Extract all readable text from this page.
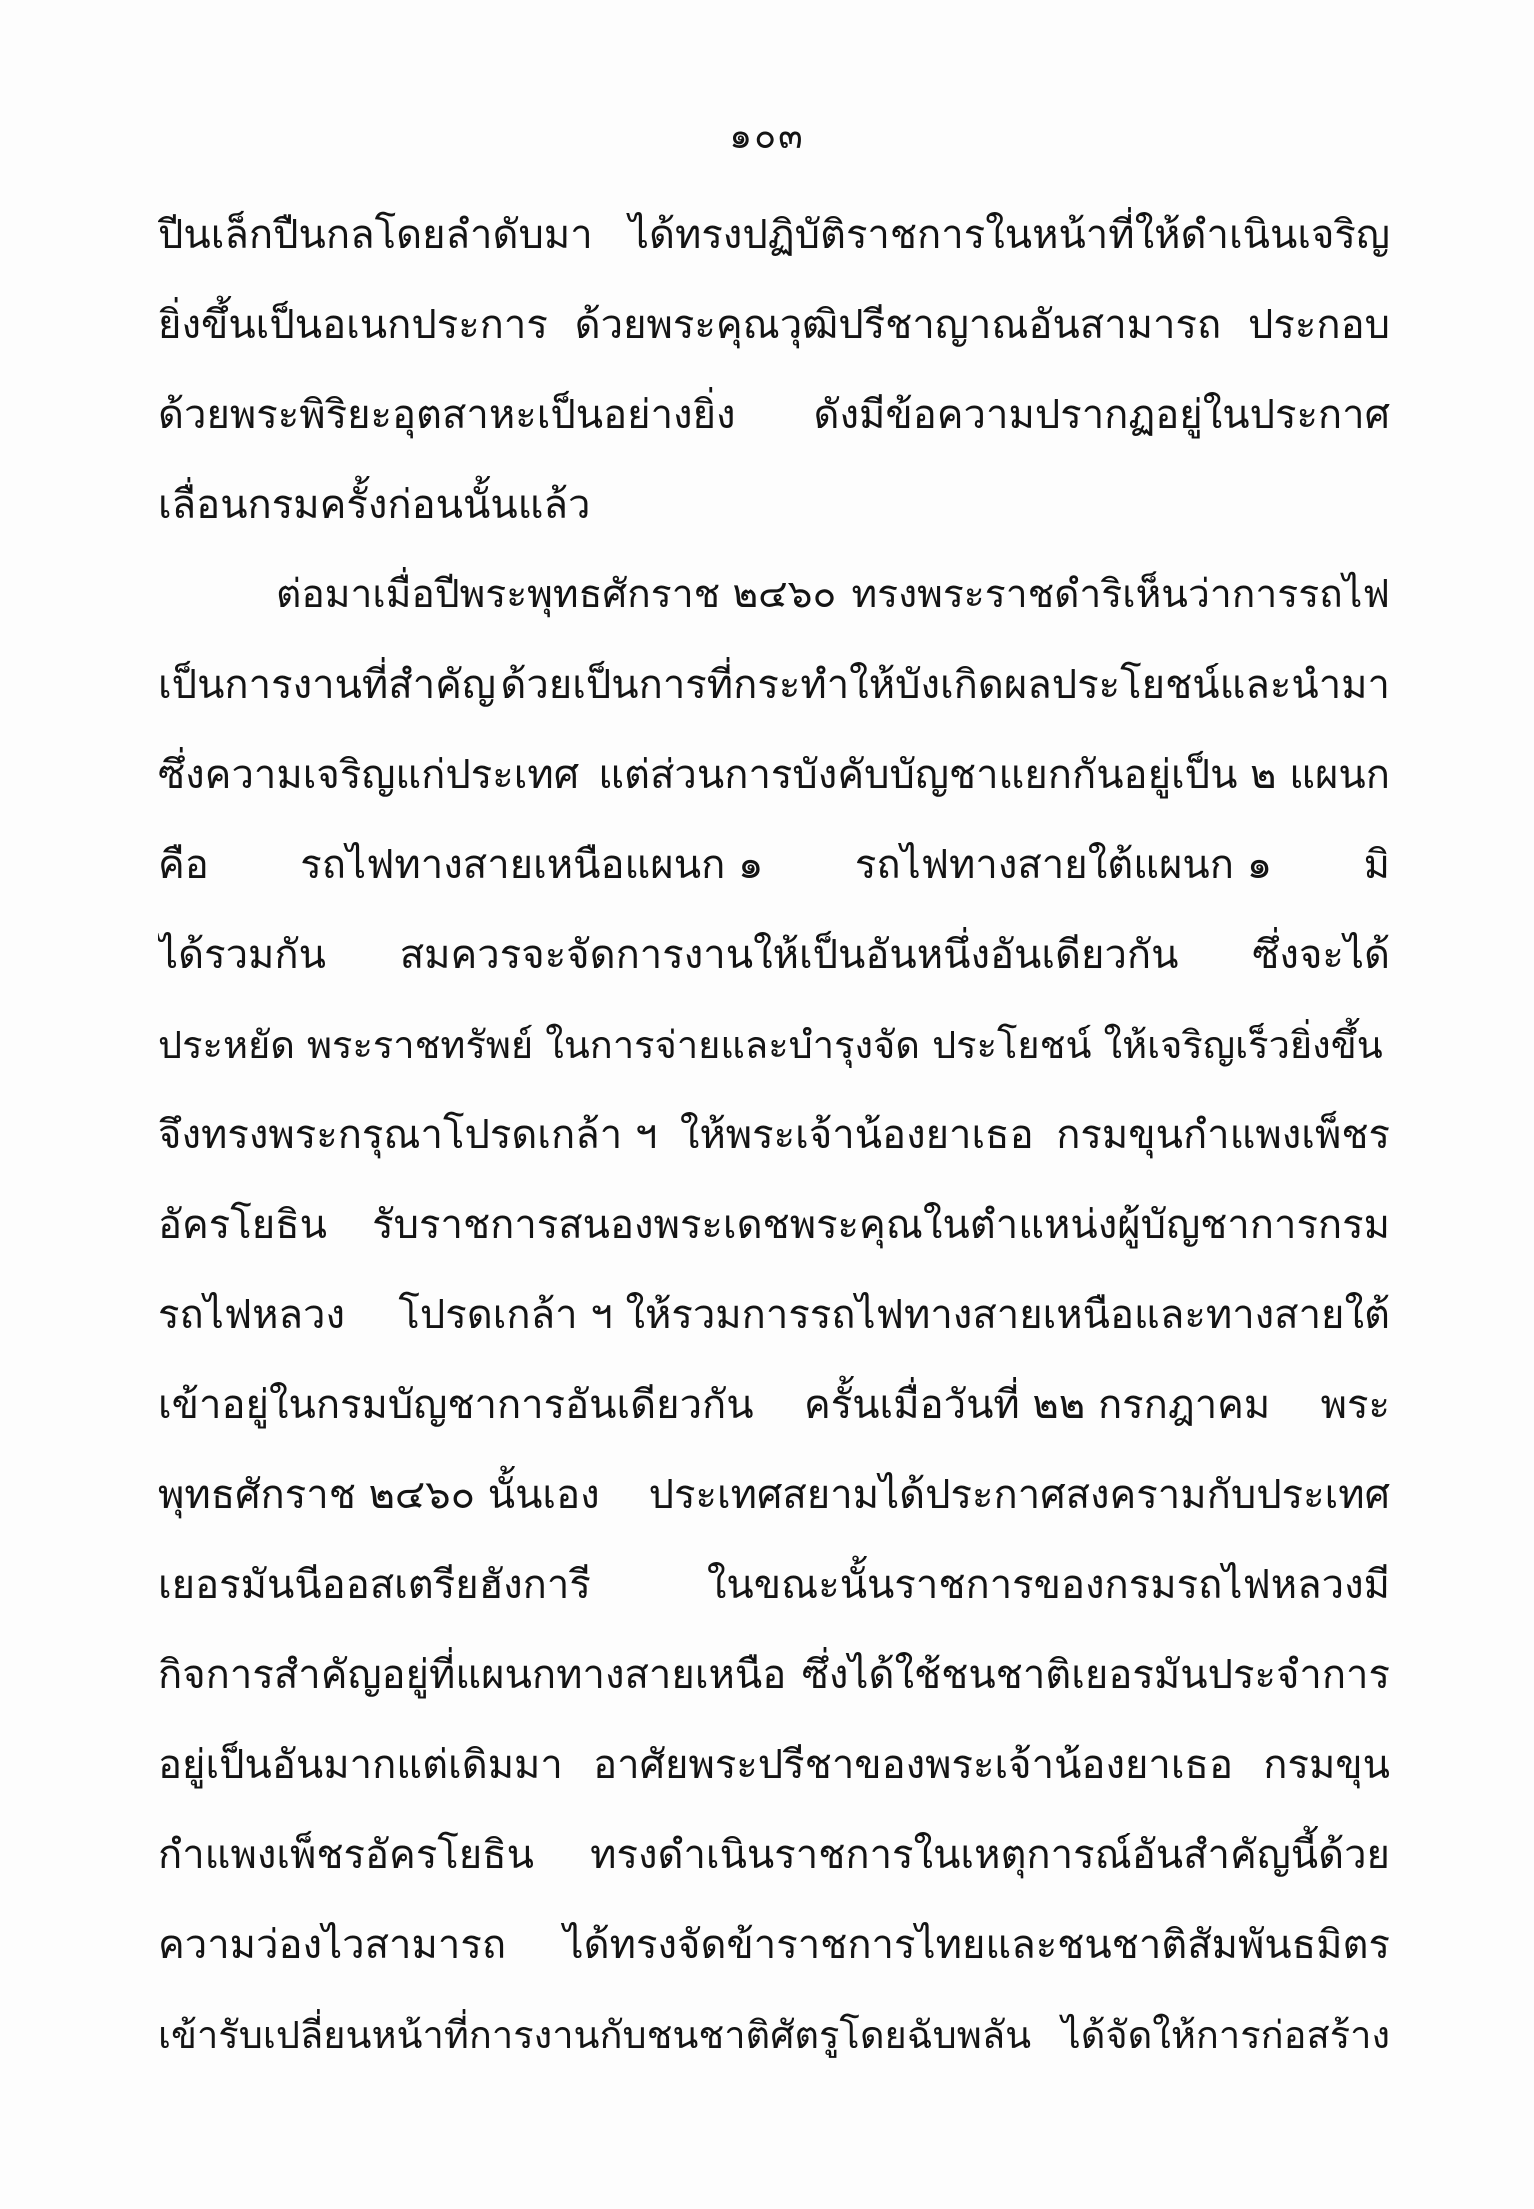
๑๐๓
ปีนเล็กปืนกลโดยลำดับมา ได้ทรงปฏิบัติราชการในหน้าที่ให้ดำเนินเจริญ
ยิ่งขึ้นเป็นอเนกประการ ด้วยพระคุณวุฒิปรีชาญาณอันสามารถ ประกอบ
ด้วยพระพิริยะอุตสาหะเป็นอย่างยิ่ง ดังมีข้อความปรากฏอยู่ในประกาศ
เลื่อนกรมครั้งก่อนนั้นแล้ว
ต่อมาเมื่อปีพระพุทธศักราช ๒๔๖๐ ทรงพระราชดำริเห็นว่าการรถไฟ
เป็นการงานที่สำคัญ ด้วยเป็นการที่กระทำให้บังเกิดผลประโยชน์และนำมา
ซึ่งความเจริญแก่ประเทศ แต่ส่วนการบังคับบัญชาแยกกันอยู่เป็น ๒ แผนก
คือ รถไฟทางสายเหนือแผนก ๑ รถไฟทางสายใต้แผนก ๑ มิ
ได้รวมกัน สมควรจะจัดการงานให้เป็นอันหนึ่งอันเดียวกัน ซึ่งจะได้
ประหยัด พระราชทรัพย์ ในการจ่ายและบำรุงจัด ประโยชน์ ให้เจริญเร็วยิ่งขึ้น
จึงทรงพระกรุณาโปรดเกล้า ฯ ให้พระเจ้าน้องยาเธอ กรมขุนกำแพงเพ็ชร
อัครโยธิน รับราชการสนองพระเดชพระคุณในตำแหน่งผู้บัญชาการกรม
รถไฟหลวง โปรดเกล้า ฯ ให้รวมการรถไฟทางสายเหนือและทางสายใต้
เข้าอยู่ในกรมบัญชาการอันเดียวกัน ครั้นเมื่อวันที่ ๒๒ กรกฎาคม พระ
พุทธศักราช ๒๔๖๐ นั้นเอง ประเทศสยามได้ประกาศสงครามกับประเทศ
เยอรมันนีออสเตรียฮังการี	ในขณะนั้นราชการของกรมรถไฟหลวงมี
กิจการสำคัญอยู่ที่แผนกทางสายเหนือ ซึ่งได้ใช้ชนชาติเยอรมันประจำการ
อยู่เป็นอันมากแต่เดิมมา อาศัยพระปรีชาของพระเจ้าน้องยาเธอ กรมขุน
กำแพงเพ็ชรอัครโยธิน ทรงดำเนินราชการในเหตุการณ์อันสำคัญนี้ด้วย
ความว่องไวสามารถ ได้ทรงจัดข้าราชการไทยและชนชาติสัมพันธมิตร
เข้ารับเปลี่ยนหน้าที่การงานกับชนชาติศัตรูโดยฉับพลัน ได้จัดให้การก่อสร้าง
